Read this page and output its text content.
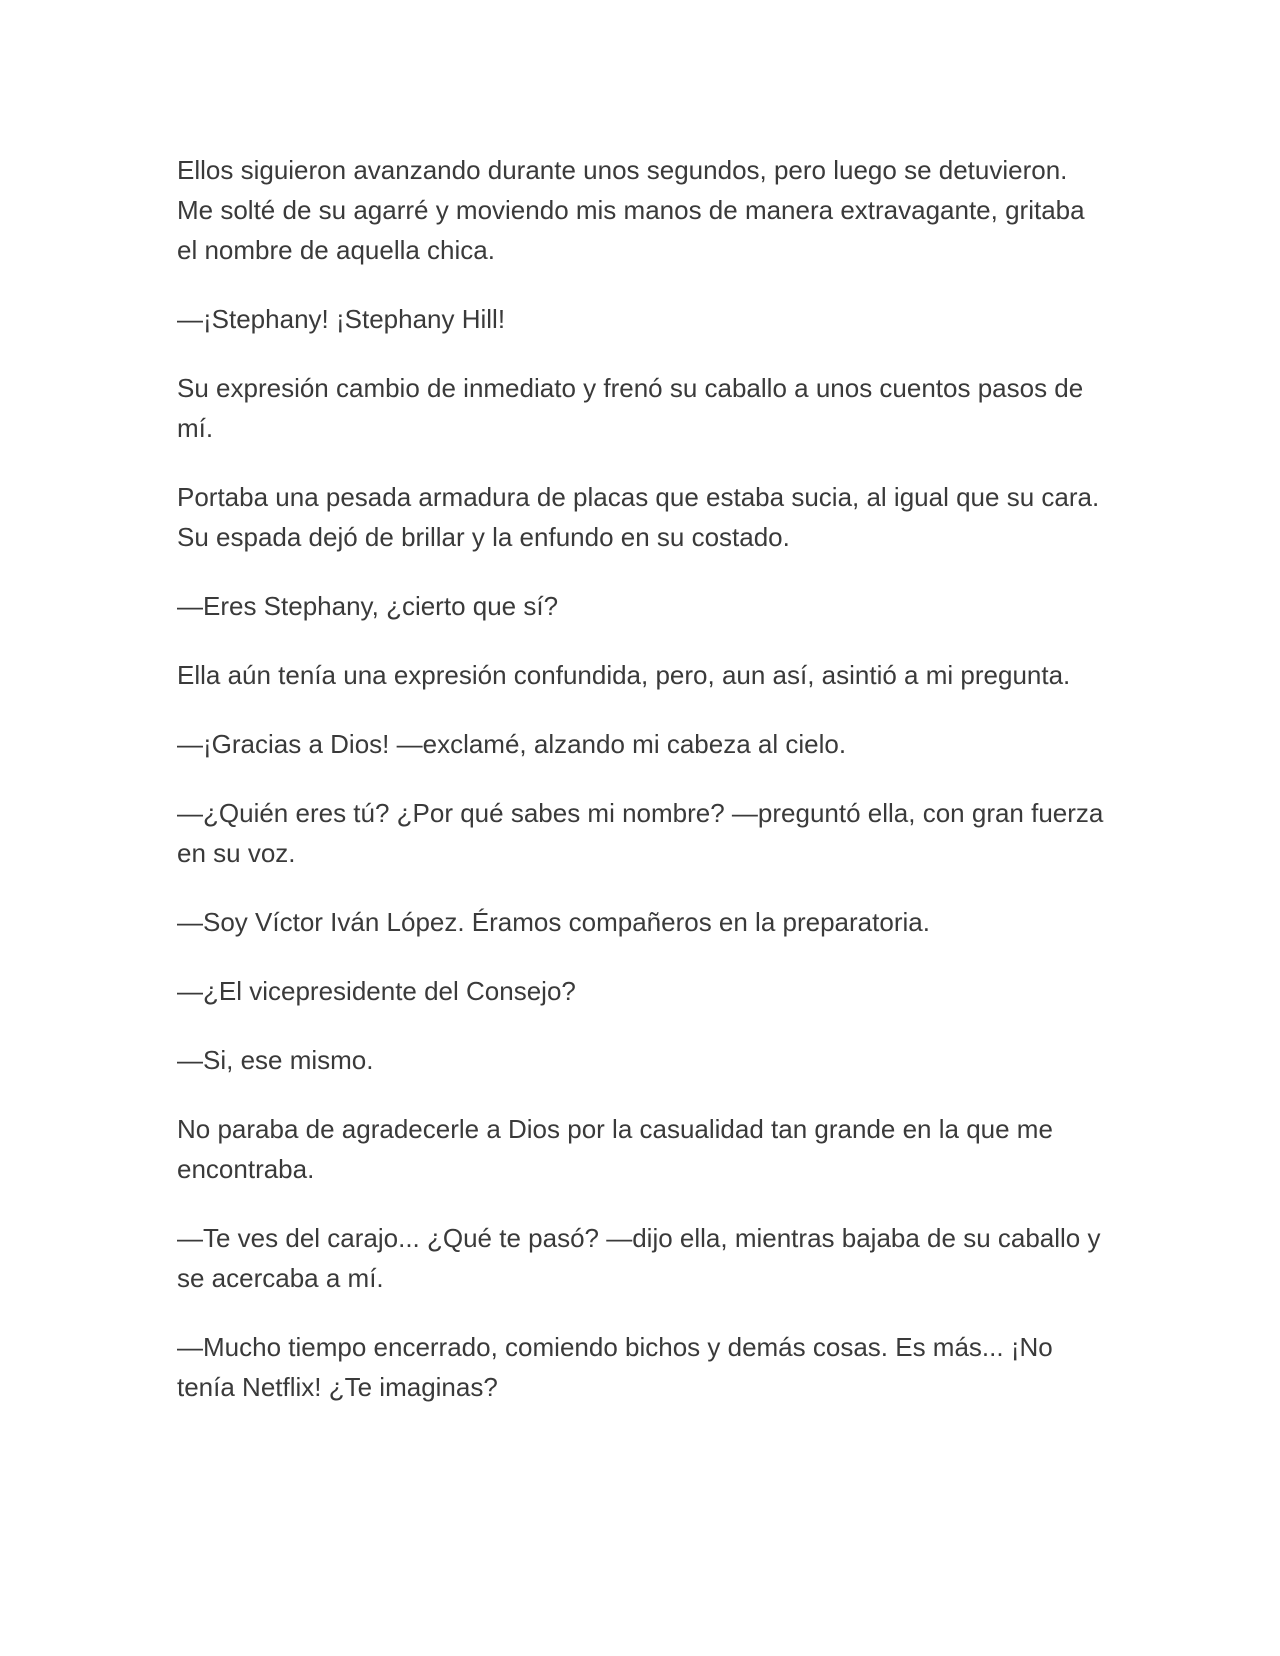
Ellos siguieron avanzando durante unos segundos, pero luego se detuvieron. Me solté de su agarré y moviendo mis manos de manera extravagante, gritaba el nombre de aquella chica.

—¡Stephany! ¡Stephany Hill!

Su expresión cambio de inmediato y frenó su caballo a unos cuentos pasos de mí.

Portaba una pesada armadura de placas que estaba sucia, al igual que su cara. Su espada dejó de brillar y la enfundo en su costado.

—Eres Stephany, ¿cierto que sí?

Ella aún tenía una expresión confundida, pero, aun así, asintió a mi pregunta.

—¡Gracias a Dios! —exclamé, alzando mi cabeza al cielo.

—¿Quién eres tú? ¿Por qué sabes mi nombre? —preguntó ella, con gran fuerza en su voz.

—Soy Víctor Iván López. Éramos compañeros en la preparatoria.

—¿El vicepresidente del Consejo?

—Si, ese mismo.

No paraba de agradecerle a Dios por la casualidad tan grande en la que me encontraba.

—Te ves del carajo... ¿Qué te pasó? —dijo ella, mientras bajaba de su caballo y se acercaba a mí.

—Mucho tiempo encerrado, comiendo bichos y demás cosas. Es más... ¡No tenía Netflix! ¿Te imaginas?
